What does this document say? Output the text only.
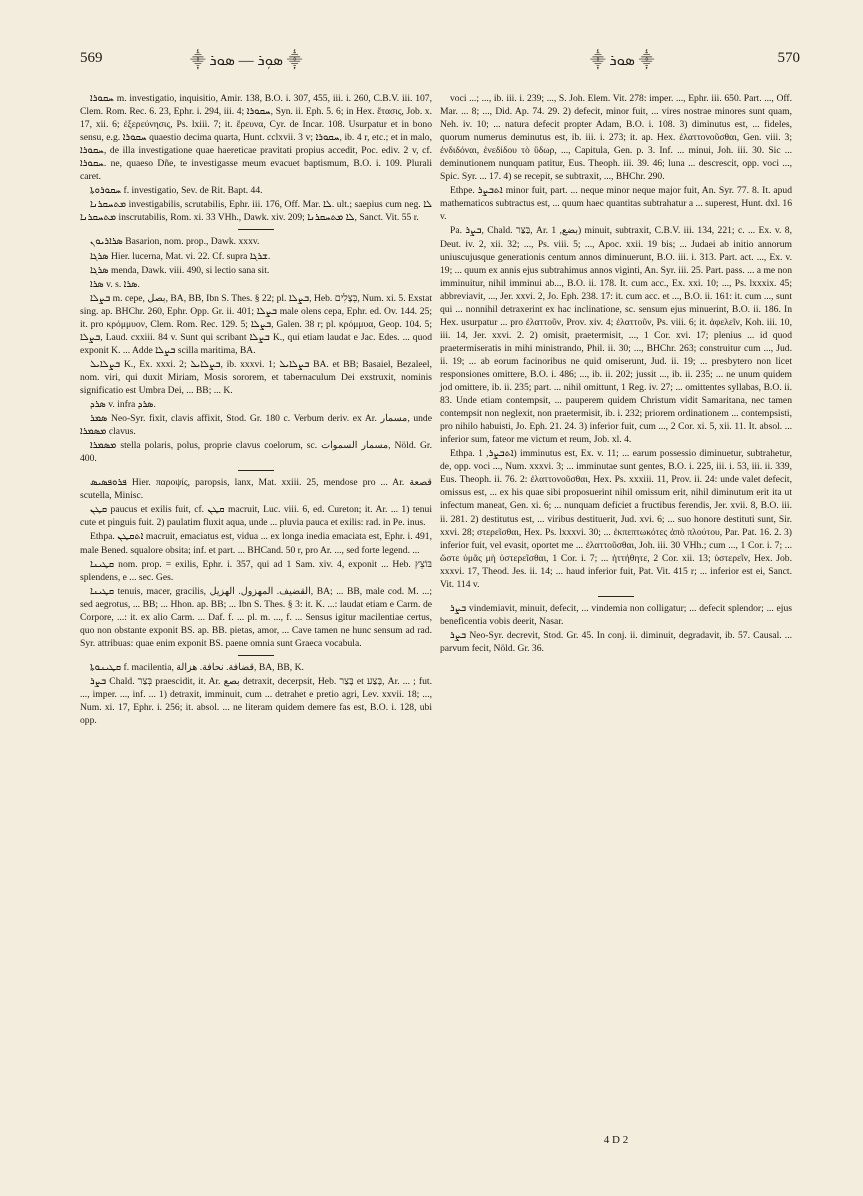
569	⸎ ܣܘܼܪ — ܣܘܪ ⸎	⸎ ܣܘܪ ⸎	570

ܚܩܘܪܐ m. investigatio, inquisitio, Amir. 138, B.O. i. 307, 455, iii. i. 260, C.B.V. iii. 107, Clem. Rom. Rec. 6. 23, Ephr. i. 294, iii. 4; ܚܩܘܪܐ, Syn. ii. Eph. 5. 6; in Hex. ἔτασις, Job. x. 17, xii. 6; ἐξερεύνησις, Ps. lxiii. 7; it. ἔρευνα, Cyr. de Incar. 108. Usurpatur et in bono sensu, e.g. ܚܩܘܪܐ quaestio decima quarta, Hunt. cclxvii. 3 v; ܚܩܘܪܐ, ib. 4 r, etc.; et in malo, ܚܩܘܪܐ, de illa investigatione quae haereticae pravitati propius accedit, Poc. ediv. 2 v, cf. ܚܩܘܪܐ. ne, quaeso Dñe, te investigasse meum evacuet baptismum, B.O. i. 109. Plurali caret.

ܚܩܘܪܘܬܐ f. investigatio, Sev. de Rit. Bapt. 44.

ܡܬܚܩܪܢܐ investigabilis, scrutabilis, Ephr. iii. 176, Off. Mar. ܠܐ. ult.; saepius cum neg. ܠܐ ܡܬܚܩܪܢܐ inscrutabilis, Rom. xi. 33 VHh., Dawk. xiv. 209; ܠܐ ܡܬܚܩܪܢܐ, Sanct. Vit. 55 r.

ܣܪܐܪܝܘܢ Basarion, nom. prop., Dawk. xxxv.

ܣܪܓܐ Hier. lucerna, Mat. vi. 22. Cf. supra ܫܪܓܐ.

ܣܪܓܐ menda, Dawk. viii. 490, si lectio sana sit.

ܣܪܐ v. s. ܣܪܐ.

ܒܨܠܐ m. cepe, بصل, BA, BB, Ibn S. Thes. § 22; pl. ܒܨܠܐ, Heb. בְּצָלִים, Num. xi. 5. Exstat sing. ap. BHChr. 260, Ephr. Opp. Gr. ii. 401; ܒܨܠܐ male olens cepa, Ephr. ed. Ov. 144. 25; it. pro κρόμμυον, Clem. Rom. Rec. 129. 5; ܒܨܠܐ, Galen. 38 r; pl. κρόμμυα, Geop. 104. 5; ܒܨܠܐ, Laud. cxxiii. 84 v. Sunt qui scribant ܒܨܠܐ K., qui etiam laudat e Jac. Edes. ... quod exponit K. ... Adde ܒܨܠܐ scilla maritima, BA.

ܒܨܠܐܝܠ K., Ex. xxxi. 2; ܒܨܠܐܝܠ, ib. xxxvi. 1; ܒܨܠܐܝܠ BA. et BB; Basaiel, Bezaleel, nom. viri, qui duxit Miriam, Mosis sororem, et tabernaculum Dei exstruxit, nominis significatio est Umbra Dei, ... BB; ... K.

ܣܪܕ v. infra ܣܪܕ.

ܣܡܪ Neo-Syr. fixit, clavis affixit, Stod. Gr. 180 c. Verbum deriv. ex Ar. مسمار, unde ܡܣܡܪܐ clavus.

ܡܣܡܪܐ stella polaris, polus, proprie clavus coelorum, sc. مسمار السموات, Nöld. Gr. 400.

ܦܪܘܦܣܝܣ Hier. παροψίς, paropsis, lanx, Mat. xxiii. 25, mendose pro ... Ar. قصعة scutella, Minisc.

ܩܛܢ paucus et exilis fuit, cf. ܩܛܢ macruit, Luc. viii. 6, ed. Cureton; it. Ar. ... 1) tenui cute et pinguis fuit. 2) paulatim fluxit aqua, unde ... pluvia pauca et exilis: rad. in Pe. inus.

Ethpa. ܐܬܩܛܢ macruit, emaciatus est, vidua ... ex longa inedia emaciata est, Ephr. i. 491, male Bened. squalore obsita; inf. et part. ... BHCand. 50 r, pro Ar. ..., sed forte legend. ...

ܩܛܝܢܐ nom. prop. = exilis, Ephr. i. 357, qui ad 1 Sam. xiv. 4, exponit ... Heb. בּוֹצֵץ splendens, e ... sec. Ges.

ܩܛܝܢܐ tenuis, macer, gracilis, القضيف. المهزول. الهزيل, BA; ... BB, male cod. M. ...; sed aegrotus, ... BB; ... Hhon. ap. BB; ... Ibn S. Thes. § 3: it. K. ...: laudat etiam e Carm. de Corpore, ...: it. ex alio Carm. ... Daf. f. ... pl. m. ..., f. ... Sensus igitur macilentiae certus, quo non obstante exponit BS. ap. BB. pietas, amor, ... Cave tamen ne hunc sensum ad rad. Syr. attribuas: quae enim exponit BS. paene omnia sunt Graeca vocabula.

ܩܛܝܢܘܬܐ f. macilentia, قضافة. نحافة. هزالة, BA, BB, K.

ܒܨܪ Chald. בְּצַר praescidit, it. Ar. بصع detraxit, decerpsit, Heb. בָּצַר et בָּצַע, Ar. ... ; fut. ..., imper. ..., inf. ... 1) detraxit, imminuit, cum ... detrahet e pretio agri, Lev. xxvii. 18; ..., Num. xi. 17, Ephr. i. 256; it. absol. ... ne literam quidem demere fas est, B.O. i. 128, ubi opp.

voci ...; ..., ib. iii. i. 239; ..., S. Joh. Elem. Vit. 278: imper. ..., Ephr. iii. 650. Part. ..., Off. Mar. ... 8; ..., Did. Ap. 74. 29. 2) defecit, minor fuit, ... vires nostrae minores sunt quam, Neh. iv. 10; ... natura defecit propter Adam, B.O. i. 108. 3) diminutus est, ... fideles, quorum numerus deminutus est, ib. iii. i. 273; it. ap. Hex. ἐλαττονοῦσθαι, Gen. viii. 3; ἐνδιδόναι, ἐνεδίδου τὸ ὕδωρ, ..., Capitula, Gen. p. 3. Inf. ... minui, Joh. iii. 30. Sic ... deminutionem nunquam patitur, Eus. Theoph. iii. 39. 46; luna ... descrescit, opp. voci ..., Spic. Syr. ... 17. 4) se recepit, se subtraxit, ..., BHChr. 290.

Ethpe. ܐܬܒܨܪ minor fuit, part. ... neque minor neque major fuit, An. Syr. 77. 8. It. apud mathematicos subtractus est, ... quum haec quantitas subtrahatur a ... superest, Hunt. dxl. 16 v.

Pa. ܒܨܪ, Chald. בַּצַּר, Ar. بضع, 1) minuit, subtraxit, C.B.V. iii. 134, 221; c. ... Ex. v. 8, Deut. iv. 2, xii. 32; ..., Ps. viii. 5; ..., Apoc. xxii. 19 bis; ... Judaei ab initio annorum uniuscujusque generationis centum annos diminuerunt, B.O. iii. i. 313. Part. act. ..., Ex. v. 19; ... quum ex annis ejus subtrahimus annos viginti, An. Syr. iii. 25. Part. pass. ... a me non imminuitur, nihil imminui ab..., B.O. ii. 178. It. cum acc., Ex. xxi. 10; ..., Ps. lxxxix. 45; abbreviavit, ..., Jer. xxvi. 2, Jo. Eph. 238. 17: it. cum acc. et ..., B.O. ii. 161: it. cum ..., sunt qui ... nonnihil detraxerint ex hac inclinatione, sc. sensum ejus minuerint, B.O. ii. 186. In Hex. usurpatur ... pro ἐλαττοῦν, Prov. xiv. 4; ἐλαττοῦν, Ps. viii. 6; it. ἀφελεῖν, Koh. iii. 10, iii. 14, Jer. xxvi. 2. 2) omisit, praetermisit, ..., 1 Cor. xvi. 17; plenius ... id quod praetermiseratis in mihi ministrando, Phil. ii. 30; ..., BHChr. 263; construitur cum ..., Jud. ii. 19; ... ab eorum facinoribus ne quid omiserunt, Jud. ii. 19; ... presbytero non licet responsiones omittere, B.O. i. 486; ..., ib. ii. 202; jussit ..., ib. ii. 235; ... ne unum quidem jod omittere, ib. ii. 235; part. ... nihil omittunt, 1 Reg. iv. 27; ... omittentes syllabas, B.O. ii. 83. Unde etiam contempsit, ... pauperem quidem Christum vidit Samaritana, nec tamen contempsit non neglexit, non praetermisit, ib. i. 232; priorem ordinationem ... contempsisti, pro nihilo habuisti, Jo. Eph. 21. 24. 3) inferior fuit, cum ..., 2 Cor. xi. 5, xii. 11. It. absol. ... inferior sum, fateor me victum et reum, Job. xl. 4.

Ethpa. ܐܬܒܨܪ, 1) imminutus est, Ex. v. 11; ... earum possessio diminuetur, subtrahetur, de, opp. voci ..., Num. xxxvi. 3; ... imminutae sunt gentes, B.O. i. 225, iii. i. 53, iii. ii. 339, Eus. Theoph. ii. 76. 2: ἐλαττονοῦσθαι, Hex. Ps. xxxiii. 11, Prov. ii. 24: unde valet defecit, omissus est, ... ex his quae sibi proposuerint nihil omissum erit, nihil diminutum erit ita ut infectum maneat, Gen. xi. 6; ... nunquam deficiet a fructibus ferendis, Jer. xvii. 8, B.O. iii. ii. 281. 2) destitutus est, ... viribus destituerit, Jud. xvi. 6; ... suo honore destituti sunt, Sir. xxvi. 28; στερεῖσθαι, Hex. Ps. lxxxvi. 30; ... ἐκπεπτωκότες ἀπὸ πλούτου, Par. Pat. 16. 2. 3) inferior fuit, vel evasit, oportet me ... ἐλαττοῦσθαι, Joh. iii. 30 VHh.; cum ..., 1 Cor. i. 7; ... ὥστε ὑμᾶς μὴ ὑστερεῖσθαι, 1 Cor. i. 7; ... ἡττήθητε, 2 Cor. xii. 13; ὑστερεῖν, Hex. Job. xxxvi. 17, Theod. Jes. ii. 14; ... haud inferior fuit, Pat. Vit. 415 r; ... inferior est ei, Sanct. Vit. 114 v.

ܒܨܪ vindemiavit, minuit, defecit, ... vindemia non colligatur; ... defecit splendor; ... ejus beneficentia vobis deerit, Nasar.

ܒܨܪ Neo-Syr. decrevit, Stod. Gr. 45. In conj. ii. diminuit, degradavit, ib. 57. Causal. ... parvum fecit, Nöld. Gr. 36.

4 D 2
